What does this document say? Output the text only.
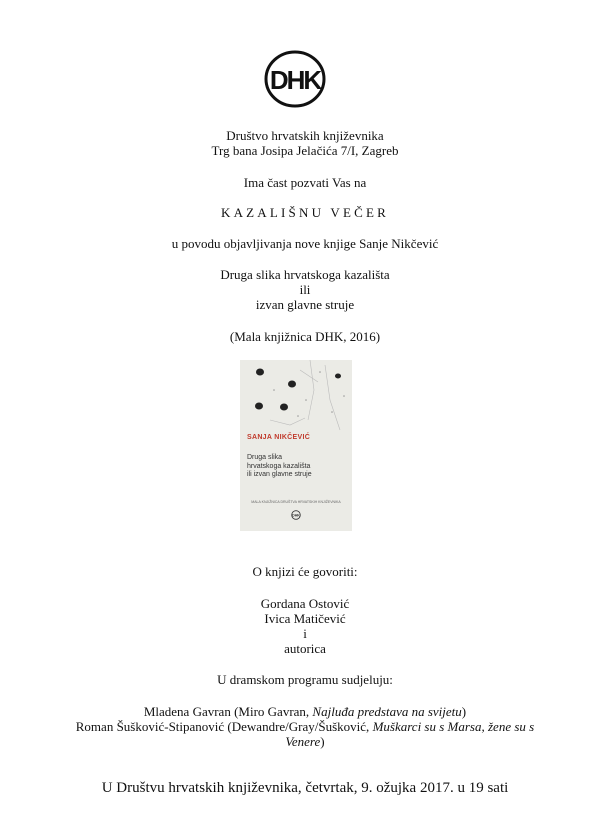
DHK
Društvo hrvatskih književnika
Trg bana Josipa Jelačića 7/I, Zagreb
Ima čast pozvati Vas na
KAZALIŠNU VEČER
u povodu objavljivanja nove knjige Sanje Nikčević
Druga slika hrvatskoga kazališta
ili
izvan glavne struje
(Mala knjižnica DHK, 2016)
SANJA NIKČEVIĆ
Druga slika
hrvatskoga kazališta
ili izvan glavne struje
MALA KNJIŽNICA DRUŠTVA HRVATSKIH KNJIŽEVNIKA
DHK
O knjizi će govoriti:
Gordana Ostović
Ivica Matičević
i
autorica
U dramskom programu sudjeluju:
Mladena Gavran (Miro Gavran, Najluđa predstava na svijetu)
Roman Šušković-Stipanović (Dewandre/Gray/Šušković, Muškarci su s Marsa, žene su s
Venere)
U Društvu hrvatskih književnika, četvrtak, 9. ožujka 2017. u 19 sati
